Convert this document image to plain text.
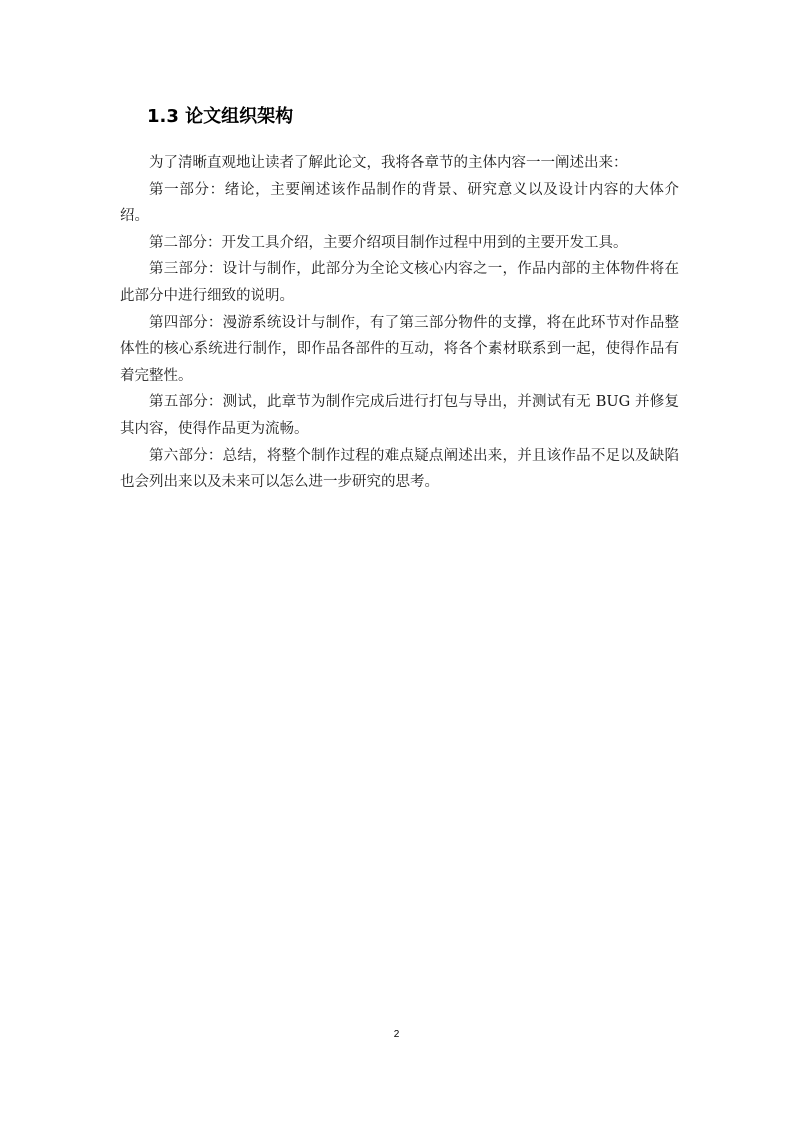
1.3 论文组织架构

为了清晰直观地让读者了解此论文，我将各章节的主体内容一一阐述出来：

第一部分：绪论，主要阐述该作品制作的背景、研究意义以及设计内容的大体介绍。

第二部分：开发工具介绍，主要介绍项目制作过程中用到的主要开发工具。

第三部分：设计与制作，此部分为全论文核心内容之一，作品内部的主体物件将在此部分中进行细致的说明。

第四部分：漫游系统设计与制作，有了第三部分物件的支撑，将在此环节对作品整体性的核心系统进行制作，即作品各部件的互动，将各个素材联系到一起，使得作品有着完整性。

第五部分：测试，此章节为制作完成后进行打包与导出，并测试有无 BUG 并修复其内容，使得作品更为流畅。

第六部分：总结，将整个制作过程的难点疑点阐述出来，并且该作品不足以及缺陷也会列出来以及未来可以怎么进一步研究的思考。

2
